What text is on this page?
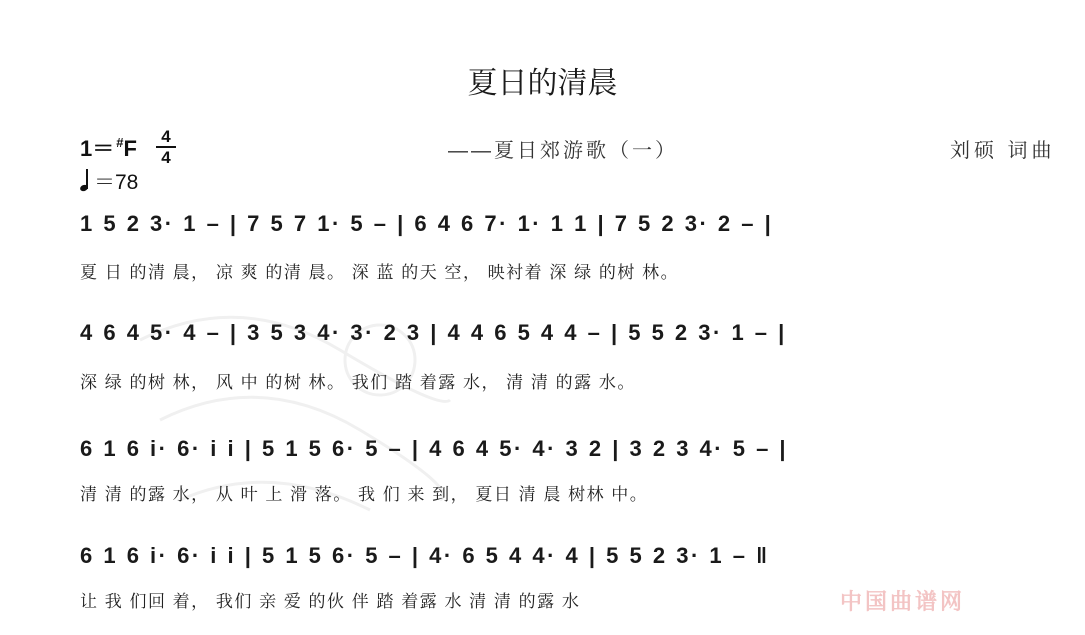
夏日的清晨
——夏日郊游歌（一）	刘硕 词曲
1＝ #F	4
4
＝78
1 5 2 3· 1 – | 7 5 7 1· 5 – | 6 4 6 7· 1· 1 1 | 7 5 2 3· 2 – |
夏 日 的清 晨， 凉 爽 的清 晨。 深 蓝 的天 空， 映衬着 深 绿 的树 林。
4 6 4 5· 4 – | 3 5 3 4· 3· 2 3 | 4 4 6 5 4 4 – | 5 5 2 3· 1 – |
深 绿 的树 林， 风 中 的树 林。 我们 踏 着露 水， 清 清 的露 水。
6 1 6 i· 6· i i | 5 1 5 6· 5 – | 4 6 4 5· 4· 3 2 | 3 2 3 4· 5 – |
清 清 的露 水， 从 叶 上 滑 落。 我 们 来 到， 夏日 清 晨 树林 中。
6 1 6 i· 6· i i | 5 1 5 6· 5 – | 4· 6 5 4 4· 4 | 5 5 2 3· 1 – ‖
让 我 们回 着， 我们 亲 爱 的伙 伴 踏 着露 水 清 清 的露 水	中国曲谱网
